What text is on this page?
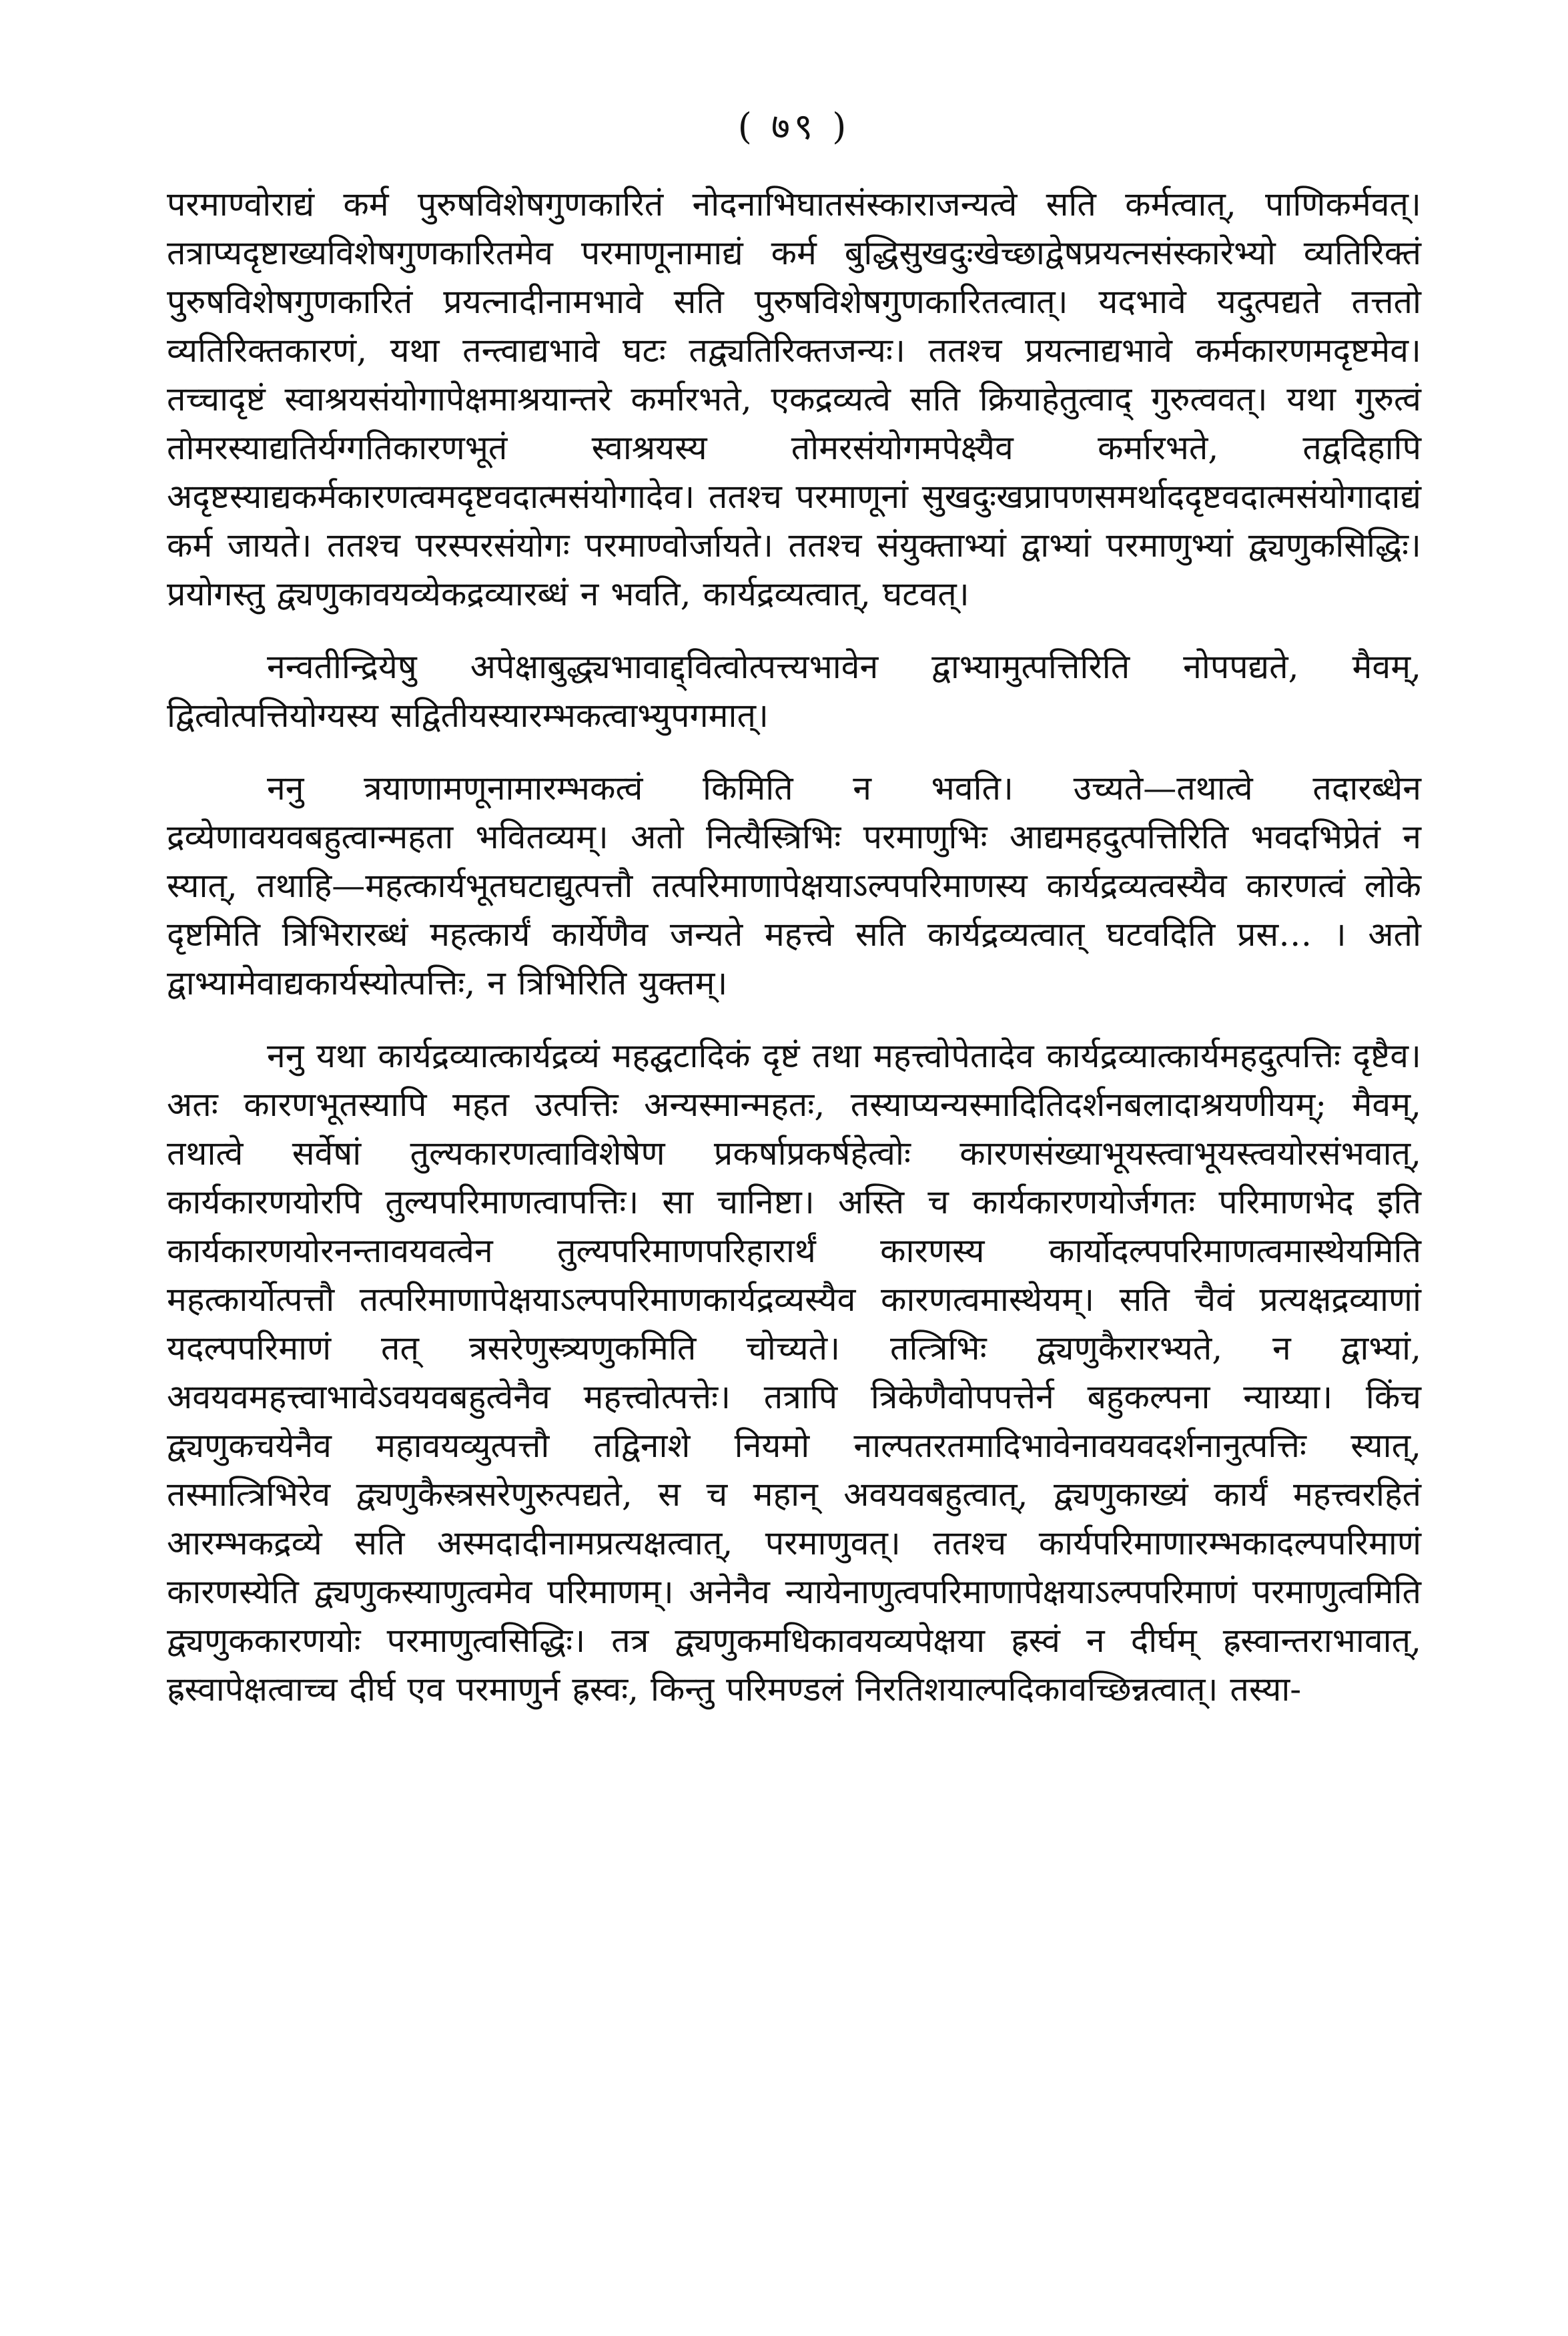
( ७९ )

परमाण्वोराद्यं कर्म पुरुषविशेषगुणकारितं नोदनाभिघातसंस्काराजन्यत्वे सति कर्मत्वात्, पाणिकर्मवत्। तत्राप्यदृष्टाख्यविशेषगुणकारितमेव परमाणूनामाद्यं कर्म बुद्धिसुखदुःखेच्छाद्वेषप्रयत्नसंस्कारेभ्यो व्यतिरिक्तं पुरुषविशेषगुणकारितं प्रयत्नादीनामभावे सति पुरुषविशेषगुणकारितत्वात्। यदभावे यदुत्पद्यते तत्ततो व्यतिरिक्तकारणं, यथा तन्त्वाद्यभावे घटः तद्व्यतिरिक्तजन्यः। ततश्च प्रयत्नाद्यभावे कर्मकारणमदृष्टमेव। तच्चादृष्टं स्वाश्रयसंयोगापेक्षमाश्रयान्तरे कर्मारभते, एकद्रव्यत्वे सति क्रियाहेतुत्वाद् गुरुत्ववत्। यथा गुरुत्वं तोमरस्याद्यतिर्यग्गतिकारणभूतं स्वाश्रयस्य तोमरसंयोगमपेक्ष्यैव कर्मारभते, तद्वदिहापि अदृष्टस्याद्यकर्मकारणत्वमदृष्टवदात्मसंयोगादेव। ततश्च परमाणूनां सुखदुःखप्रापणसमर्थाददृष्टवदात्मसंयोगादाद्यं कर्म जायते। ततश्च परस्परसंयोगः परमाण्वोर्जायते। ततश्च संयुक्ताभ्यां द्वाभ्यां परमाणुभ्यां द्व्यणुकसिद्धिः। प्रयोगस्तु द्व्यणुकावयव्येकद्रव्यारब्धं न भवति, कार्यद्रव्यत्वात्, घटवत्।

नन्वतीन्द्रियेषु अपेक्षाबुद्ध्यभावाद्द्वित्वोत्पत्त्यभावेन द्वाभ्यामुत्पत्तिरिति नोपपद्यते, मैवम्, द्वित्वोत्पत्तियोग्यस्य सद्वितीयस्यारम्भकत्वाभ्युपगमात्।

ननु त्रयाणामणूनामारम्भकत्वं किमिति न भवति। उच्यते—तथात्वे तदारब्धेन द्रव्येणावयवबहुत्वान्महता भवितव्यम्। अतो नित्यैस्त्रिभिः परमाणुभिः आद्यमहदुत्पत्तिरिति भवदभिप्रेतं न स्यात्, तथाहि—महत्कार्यभूतघटाद्युत्पत्तौ तत्परिमाणापेक्षयाऽल्पपरिमाणस्य कार्यद्रव्यत्वस्यैव कारणत्वं लोके दृष्टमिति त्रिभिरारब्धं महत्कार्यं कार्येणैव जन्यते महत्त्वे सति कार्यद्रव्यत्वात् घटवदिति प्रस… । अतो द्वाभ्यामेवाद्यकार्यस्योत्पत्तिः, न त्रिभिरिति युक्तम्।

ननु यथा कार्यद्रव्यात्कार्यद्रव्यं महद्घटादिकं दृष्टं तथा महत्त्वोपेतादेव कार्यद्रव्यात्कार्यमहदुत्पत्तिः दृष्टैव। अतः कारणभूतस्यापि महत उत्पत्तिः अन्यस्मान्महतः, तस्याप्यन्यस्मादितिदर्शनबलादाश्रयणीयम्; मैवम्, तथात्वे सर्वेषां तुल्यकारणत्वाविशेषेण प्रकर्षाप्रकर्षहेत्वोः कारणसंख्याभूयस्त्वाभूयस्त्वयोरसंभवात्, कार्यकारणयोरपि तुल्यपरिमाणत्वापत्तिः। सा चानिष्टा। अस्ति च कार्यकारणयोर्जगतः परिमाणभेद इति कार्यकारणयोरनन्तावयवत्वेन तुल्यपरिमाणपरिहारार्थं कारणस्य कार्योदल्पपरिमाणत्वमास्थेयमिति महत्कार्योत्पत्तौ तत्परिमाणापेक्षयाऽल्पपरिमाणकार्यद्रव्यस्यैव कारणत्वमास्थेयम्। सति चैवं प्रत्यक्षद्रव्याणां यदल्पपरिमाणं तत् त्रसरेणुस्त्र्यणुकमिति चोच्यते। तत्त्रिभिः द्व्यणुकैरारभ्यते, न द्वाभ्यां, अवयवमहत्त्वाभावेऽवयवबहुत्वेनैव महत्त्वोत्पत्तेः। तत्रापि त्रिकेणैवोपपत्तेर्न बहुकल्पना न्याय्या। किंच द्व्यणुकचयेनैव महावयव्युत्पत्तौ तद्विनाशे नियमो नाल्पतरतमादिभावेनावयवदर्शनानुत्पत्तिः स्यात्, तस्मात्त्रिभिरेव द्व्यणुकैस्त्रसरेणुरुत्पद्यते, स च महान् अवयवबहुत्वात्, द्व्यणुकाख्यं कार्यं महत्त्वरहितं आरम्भकद्रव्ये सति अस्मदादीनामप्रत्यक्षत्वात्, परमाणुवत्। ततश्च कार्यपरिमाणारम्भकादल्पपरिमाणं कारणस्येति द्व्यणुकस्याणुत्वमेव परिमाणम्। अनेनैव न्यायेनाणुत्वपरिमाणापेक्षयाऽल्पपरिमाणं परमाणुत्वमिति द्व्यणुककारणयोः परमाणुत्वसिद्धिः। तत्र द्व्यणुकमधिकावयव्यपेक्षया ह्रस्वं न दीर्घम् ह्रस्वान्तराभावात्, ह्रस्वापेक्षत्वाच्च दीर्घ एव परमाणुर्न ह्रस्वः, किन्तु परिमण्डलं निरतिशयाल्पदिकावच्छिन्नत्वात्। तस्या-
